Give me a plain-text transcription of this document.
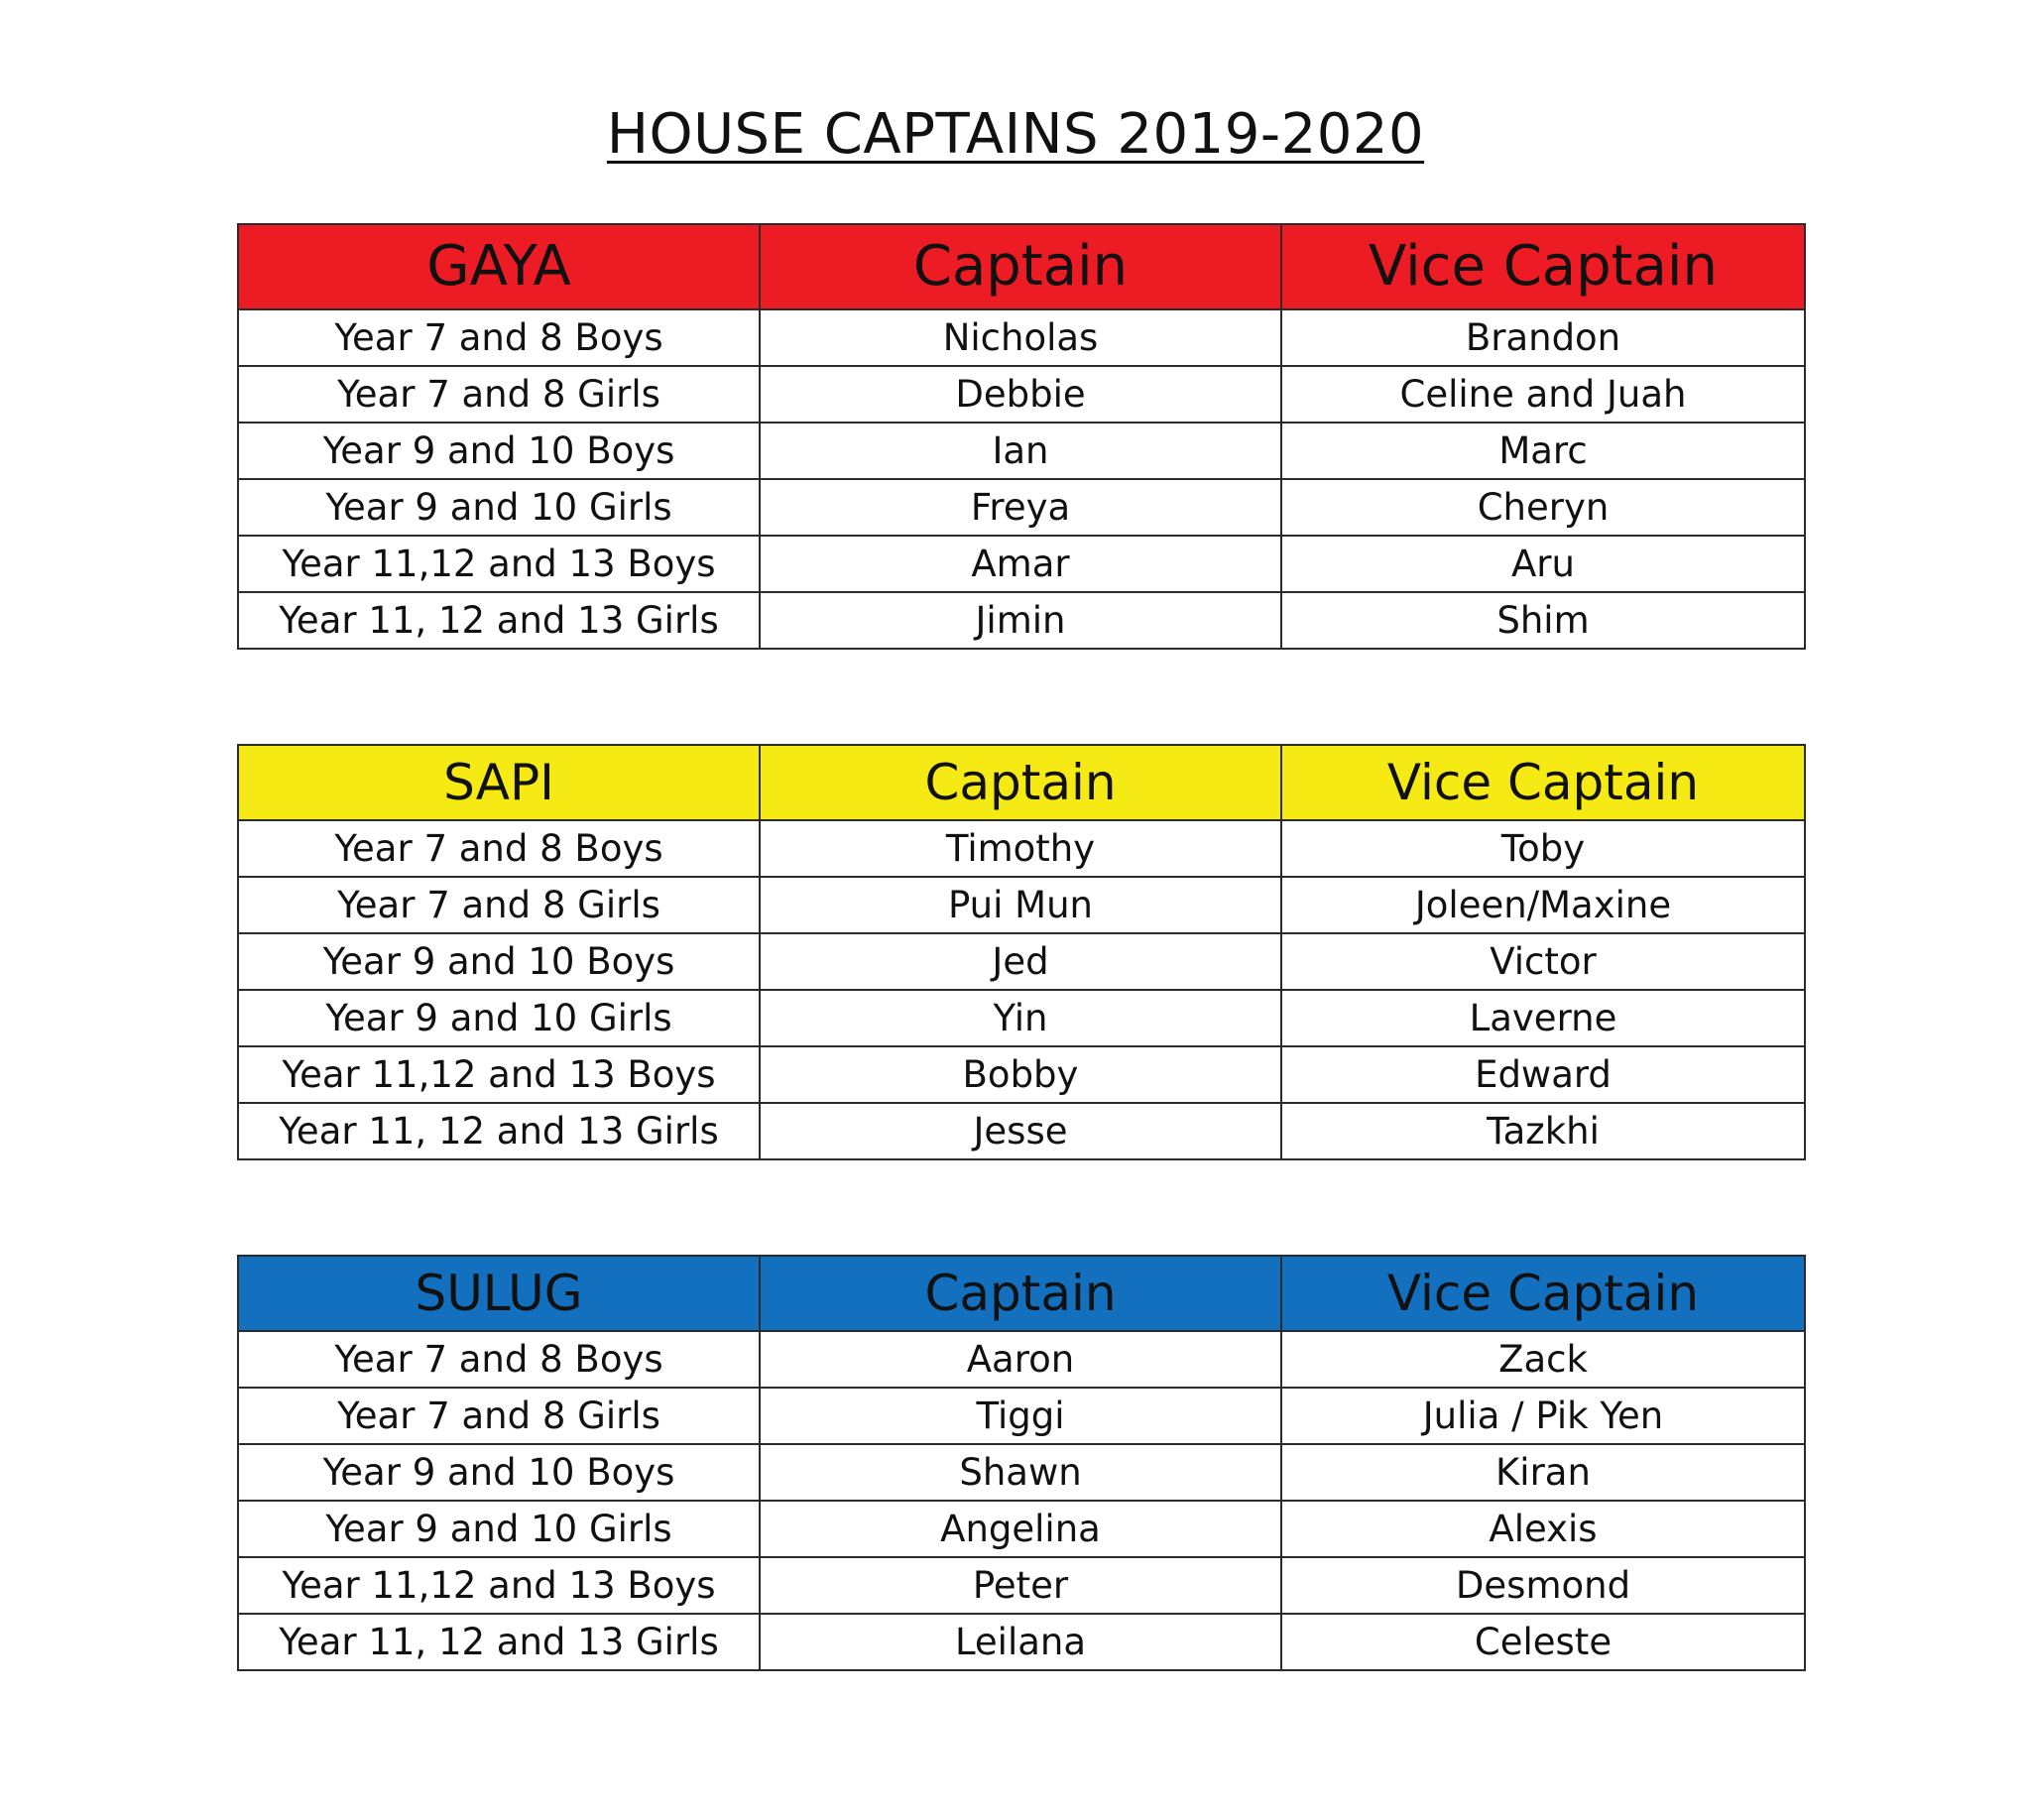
HOUSE CAPTAINS 2019-2020
GAYA	Captain	Vice Captain
Year 7 and 8 Boys	Nicholas	Brandon
Year 7 and 8 Girls	Debbie	Celine and Juah
Year 9 and 10 Boys	Ian	Marc
Year 9 and 10 Girls	Freya	Cheryn
Year 11,12 and 13 Boys	Amar	Aru
Year 11, 12 and 13 Girls	Jimin	Shim
SAPI	Captain	Vice Captain
Year 7 and 8 Boys	Timothy	Toby
Year 7 and 8 Girls	Pui Mun	Joleen/Maxine
Year 9 and 10 Boys	Jed	Victor
Year 9 and 10 Girls	Yin	Laverne
Year 11,12 and 13 Boys	Bobby	Edward
Year 11, 12 and 13 Girls	Jesse	Tazkhi
SULUG	Captain	Vice Captain
Year 7 and 8 Boys	Aaron	Zack
Year 7 and 8 Girls	Tiggi	Julia / Pik Yen
Year 9 and 10 Boys	Shawn	Kiran
Year 9 and 10 Girls	Angelina	Alexis
Year 11,12 and 13 Boys	Peter	Desmond
Year 11, 12 and 13 Girls	Leilana	Celeste
